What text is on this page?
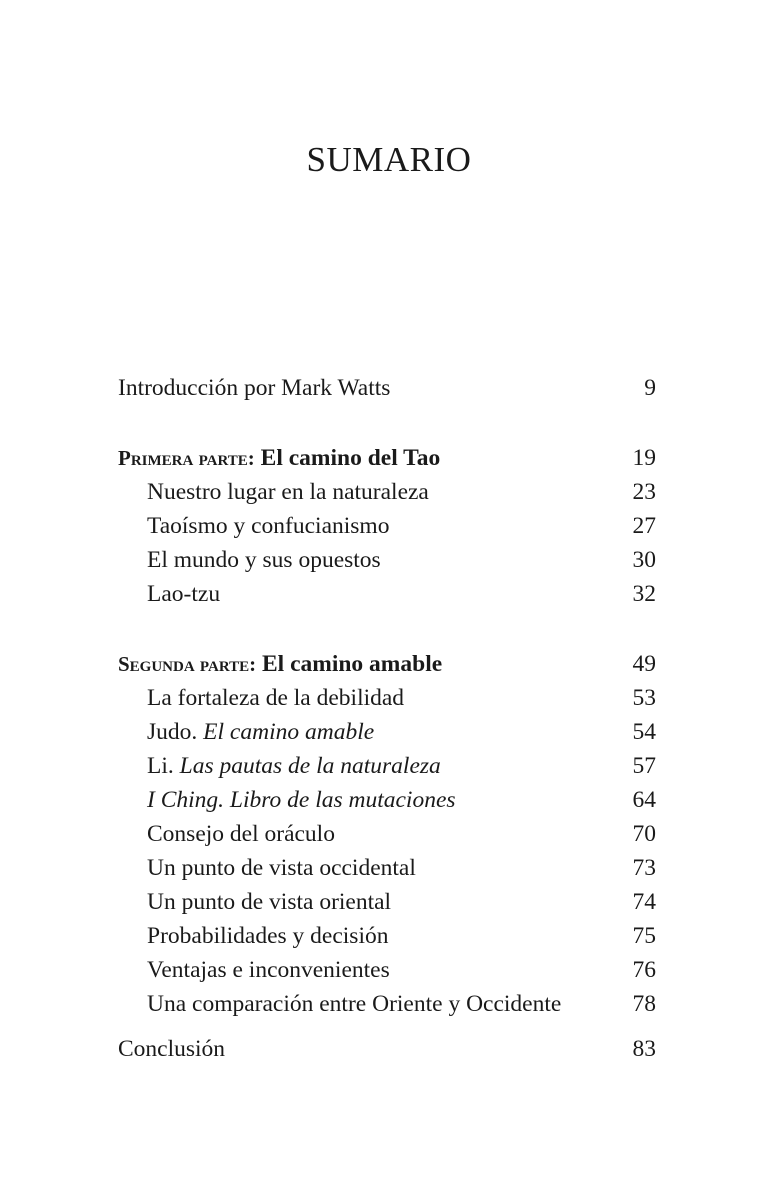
SUMARIO
Introducción por Mark Watts	9
Primera parte: El camino del Tao	19
Nuestro lugar en la naturaleza	23
Taoísmo y confucianismo	27
El mundo y sus opuestos	30
Lao-tzu	32
Segunda parte: El camino amable	49
La fortaleza de la debilidad	53
Judo. El camino amable	54
Li. Las pautas de la naturaleza	57
I Ching. Libro de las mutaciones	64
Consejo del oráculo	70
Un punto de vista occidental	73
Un punto de vista oriental	74
Probabilidades y decisión	75
Ventajas e inconvenientes	76
Una comparación entre Oriente y Occidente	78
Conclusión	83
